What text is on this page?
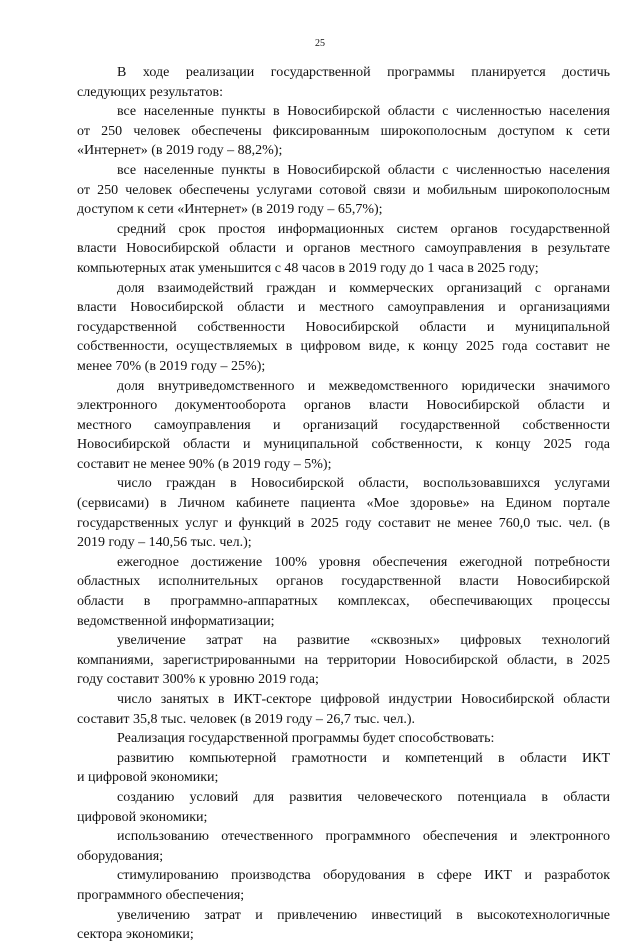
25
В ходе реализации государственной программы планируется достичь
следующих результатов:
все населенные пункты в Новосибирской области с численностью населения
от 250 человек обеспечены фиксированным широкополосным доступом к сети
«Интернет» (в 2019 году – 88,2%);
все населенные пункты в Новосибирской области с численностью населения
от 250 человек обеспечены услугами сотовой связи и мобильным широкополосным
доступом к сети «Интернет» (в 2019 году – 65,7%);
средний срок простоя информационных систем органов государственной
власти Новосибирской области и органов местного самоуправления в результате
компьютерных атак уменьшится с 48 часов в 2019 году до 1 часа в 2025 году;
доля взаимодействий граждан и коммерческих организаций с органами
власти Новосибирской области и местного самоуправления и организациями
государственной собственности Новосибирской области и муниципальной
собственности, осуществляемых в цифровом виде, к концу 2025 года составит не
менее 70% (в 2019 году – 25%);
доля внутриведомственного и межведомственного юридически значимого
электронного документооборота органов власти Новосибирской области и
местного самоуправления и организаций государственной собственности
Новосибирской области и муниципальной собственности, к концу 2025 года
составит не менее 90% (в 2019 году – 5%);
число граждан в Новосибирской области, воспользовавшихся услугами
(сервисами) в Личном кабинете пациента «Мое здоровье» на Едином портале
государственных услуг и функций в 2025 году составит не менее 760,0 тыс. чел. (в
2019 году – 140,56 тыс. чел.);
ежегодное достижение 100% уровня обеспечения ежегодной потребности
областных исполнительных органов государственной власти Новосибирской
области в программно-аппаратных комплексах, обеспечивающих процессы
ведомственной информатизации;
увеличение затрат на развитие «сквозных» цифровых технологий
компаниями, зарегистрированными на территории Новосибирской области, в 2025
году составит 300% к уровню 2019 года;
число занятых в ИКТ-секторе цифровой индустрии Новосибирской области
составит 35,8 тыс. человек (в 2019 году – 26,7 тыс. чел.).
Реализация государственной программы будет способствовать:
развитию компьютерной грамотности и компетенций в области ИКТ
и цифровой экономики;
созданию условий для развития человеческого потенциала в области
цифровой экономики;
использованию отечественного программного обеспечения и электронного
оборудования;
стимулированию производства оборудования в сфере ИКТ и разработок
программного обеспечения;
увеличению затрат и привлечению инвестиций в высокотехнологичные
сектора экономики;
